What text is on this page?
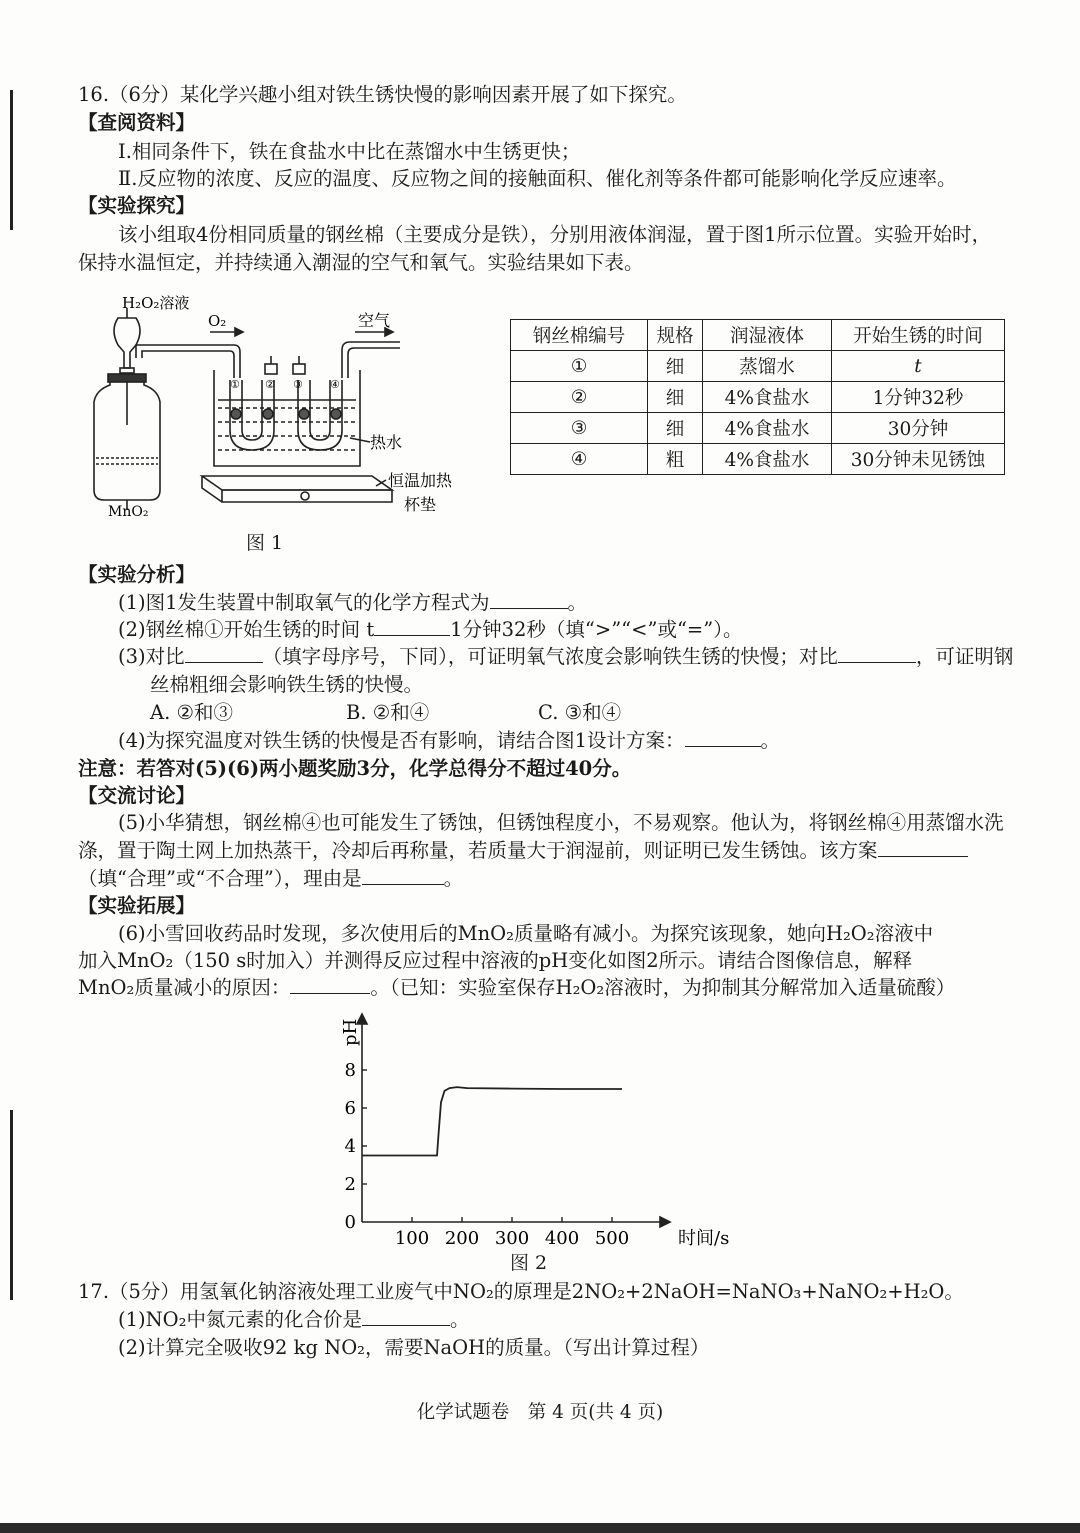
16.（6分）某化学兴趣小组对铁生锈快慢的影响因素开展了如下探究。
【查阅资料】
Ⅰ.相同条件下，铁在食盐水中比在蒸馏水中生锈更快；
Ⅱ.反应物的浓度、反应的温度、反应物之间的接触面积、催化剂等条件都可能影响化学反应速率。
【实验探究】
该小组取4份相同质量的钢丝棉（主要成分是铁），分别用液体润湿，置于图1所示位置。实验开始时，
保持水温恒定，并持续通入潮湿的空气和氧气。实验结果如下表。
H₂O₂溶液
O₂	空气
热水
MnO₂
恒温加热
杯垫
① ② ③ ④
图 1
钢丝棉编号	规格	润湿液体	开始生锈的时间
①	细	蒸馏水	t
②	细	4%食盐水	1分钟32秒
③	细	4%食盐水	30分钟
④	粗	4%食盐水	30分钟未见锈蚀
【实验分析】
(1)图1发生装置中制取氧气的化学方程式为	。
(2)钢丝棉①开始生锈的时间 t	1分钟32秒（填“>”“<”或“=”）。
(3)对比	（填字母序号，下同），可证明氧气浓度会影响铁生锈的快慢；对比	，可证明钢
丝棉粗细会影响铁生锈的快慢。
A. ②和③	B. ②和④	C. ③和④
(4)为探究温度对铁生锈的快慢是否有影响，请结合图1设计方案：	。
注意：若答对(5)(6)两小题奖励3分，化学总得分不超过40分。
【交流讨论】
(5)小华猜想，钢丝棉④也可能发生了锈蚀，但锈蚀程度小，不易观察。他认为，将钢丝棉④用蒸馏水洗
涤，置于陶土网上加热蒸干，冷却后再称量，若质量大于润湿前，则证明已发生锈蚀。该方案
（填“合理”或“不合理”），理由是	。
【实验拓展】
(6)小雪回收药品时发现，多次使用后的MnO₂质量略有减小。为探究该现象，她向H₂O₂溶液中
加入MnO₂（150 s时加入）并测得反应过程中溶液的pH变化如图2所示。请结合图像信息，解释
MnO₂质量减小的原因：	。（已知：实验室保存H₂O₂溶液时，为抑制其分解常加入适量硫酸）
100 200 300 400 500
0
2
4
6
8
pH
时间/s
图 2
17.（5分）用氢氧化钠溶液处理工业废气中NO₂的原理是2NO₂+2NaOH=NaNO₃+NaNO₂+H₂O。
(1)NO₂中氮元素的化合价是	。
(2)计算完全吸收92 kg NO₂，需要NaOH的质量。（写出计算过程）
化学试题卷　第 4 页(共 4 页)
